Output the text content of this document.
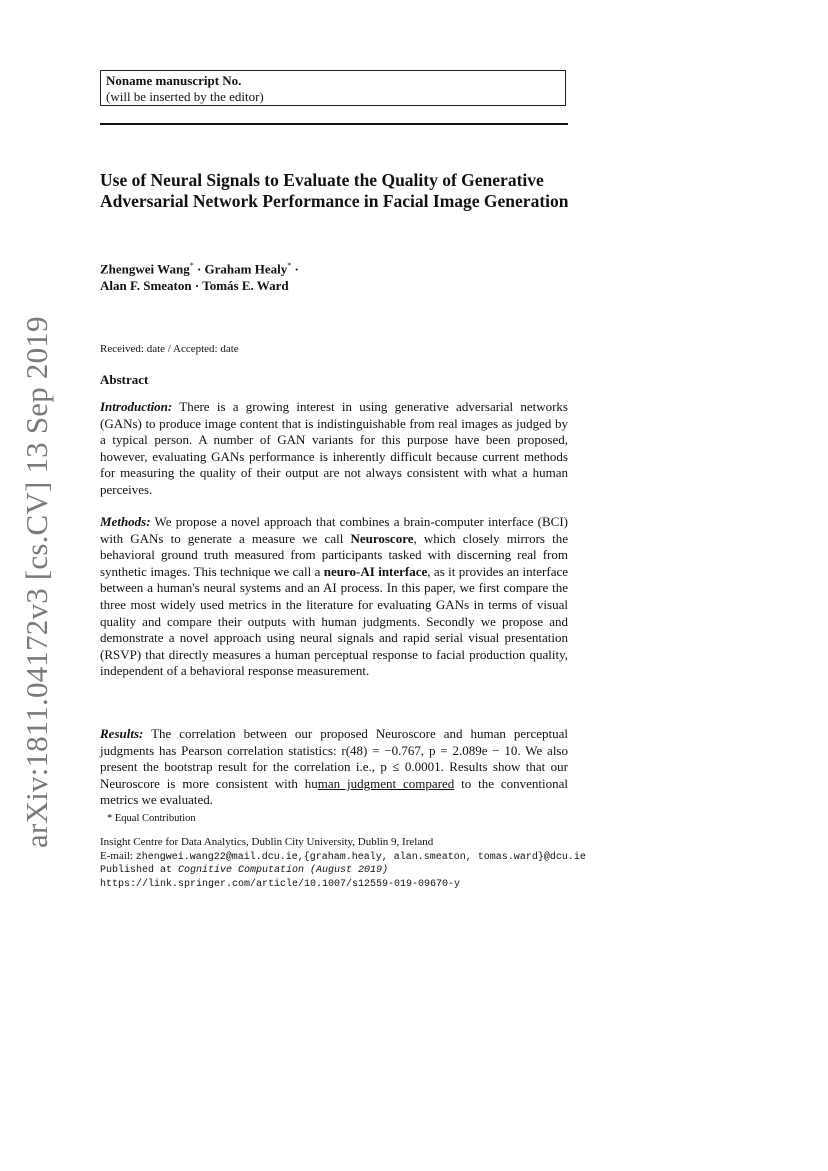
arXiv:1811.04172v3 [cs.CV] 13 Sep 2019
Noname manuscript No.
(will be inserted by the editor)
Use of Neural Signals to Evaluate the Quality of Generative Adversarial Network Performance in Facial Image Generation
Zhengwei Wang* · Graham Healy* ·
Alan F. Smeaton · Tomás E. Ward
Received: date / Accepted: date
Abstract
Introduction: There is a growing interest in using generative adversarial networks (GANs) to produce image content that is indistinguishable from real images as judged by a typical person. A number of GAN variants for this purpose have been proposed, however, evaluating GANs performance is inherently difficult because current methods for measuring the quality of their output are not always consistent with what a human perceives.
Methods: We propose a novel approach that combines a brain-computer interface (BCI) with GANs to generate a measure we call Neuroscore, which closely mirrors the behavioral ground truth measured from participants tasked with discerning real from synthetic images. This technique we call a neuro-AI interface, as it provides an interface between a human's neural systems and an AI process. In this paper, we first compare the three most widely used metrics in the literature for evaluating GANs in terms of visual quality and compare their outputs with human judgments. Secondly we propose and demonstrate a novel approach using neural signals and rapid serial visual presentation (RSVP) that directly measures a human perceptual response to facial production quality, independent of a behavioral response measurement.
Results: The correlation between our proposed Neuroscore and human perceptual judgments has Pearson correlation statistics: r(48) = −0.767, p = 2.089e − 10. We also present the bootstrap result for the correlation i.e., p ≤ 0.0001. Results show that our Neuroscore is more consistent with human judgment compared to the conventional metrics we evaluated.
* Equal Contribution
Insight Centre for Data Analytics, Dublin City University, Dublin 9, Ireland
E-mail: zhengwei.wang22@mail.dcu.ie,{graham.healy, alan.smeaton, tomas.ward}@dcu.ie
Published at Cognitive Computation (August 2019)
https://link.springer.com/article/10.1007/s12559-019-09670-y
